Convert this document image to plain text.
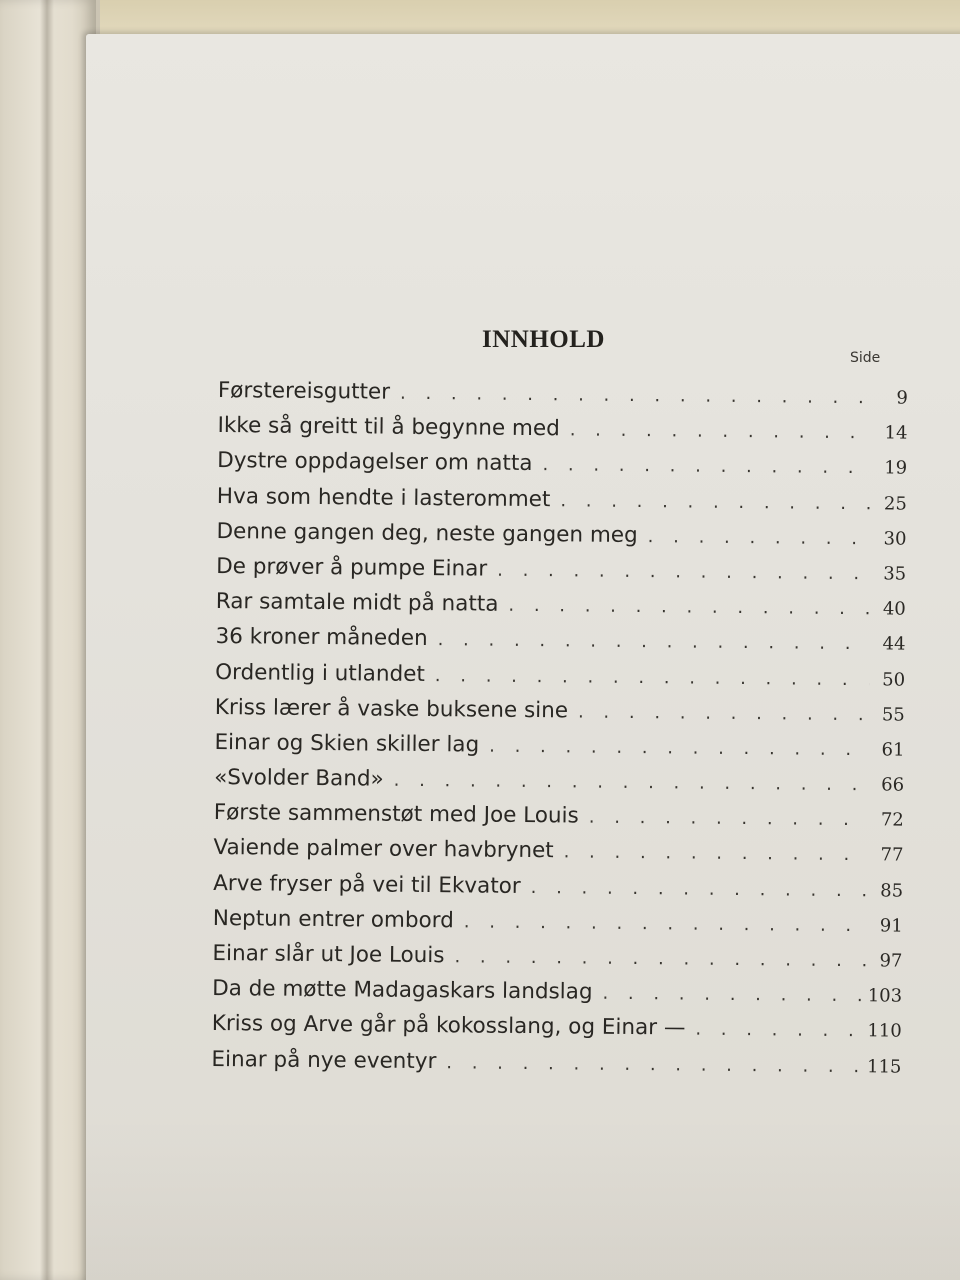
INNHOLD
Side
Førstereisgutter . . .	9
Ikke så greitt til å begynne med . . .	14
Dystre oppdagelser om natta . . .	19
Hva som hendte i lasterommet . . .	25
Denne gangen deg, neste gangen meg . . .	30
De prøver å pumpe Einar . . .	35
Rar samtale midt på natta . . .	40
36 kroner måneden . . .	44
Ordentlig i utlandet . . .	50
Kriss lærer å vaske buksene sine . . .	55
Einar og Skien skiller lag . . .	61
«Svolder Band» . . .	66
Første sammenstøt med Joe Louis . . .	72
Vaiende palmer over havbrynet . . .	77
Arve fryser på vei til Ekvator . . .	85
Neptun entrer ombord . . .	91
Einar slår ut Joe Louis . . .	97
Da de møtte Madagaskars landslag . . .	103
Kriss og Arve går på kokosslang, og Einar — . . .	110
Einar på nye eventyr . . .	115
